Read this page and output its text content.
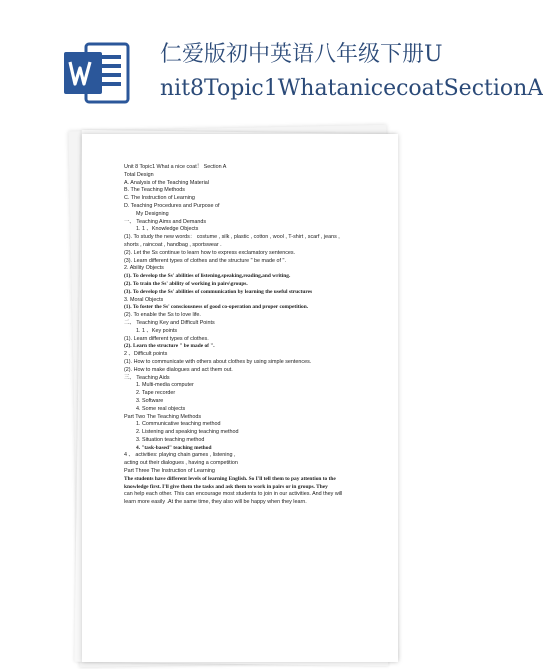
仁爱版初中英语八年级下册U
nit8Topic1WhatanicecoatSectionA
Unit 8 Topic1 What a nice coat！ Section A
Total Design
A. Analysis of the Teaching Material
B. The Teaching Methods
C. The Instruction of Learning
D. Teaching Procedures and Purpose of
My Designing
一、 Teaching Aims and Demands
1. 1 、Knowledge Objects
(1). To study the new words： costume , silk , plastic , cotton , wool , T-shirt , scarf , jeans ,
shorts , raincoat , handbag , sportswear .
(2). Let the Ss continue to learn how to express exclamatory sentences.
(3). Learn different types of clothes and the structure " be made of ".
2. Ability Objects
(1). To develop the Ss' abilities of listening,speaking,reading,and writing.
(2). To train the Ss' ability of working in pairs\groups.
(3). To develop the Ss' abilities of communication by learning the useful structures
3. Moral Objects
(1). To foster the Ss' consciousness of good co-operation and proper competition.
(2). To enable the Ss to love life.
二、 Teaching Key and Difficult Points
1. 1 、Key points
(1). Learn different types of clothes.
(2). Learn the structure " be made of ".
2 、Difficult points
(1). How to communicate with others about clothes by using simple sentences.
(2). How to make dialogues and act them out.
三、 Teaching Aids
1. Multi-media computer
2. Tape recorder
3. Software
4. Some real objects
Part Two The Teaching Methods
1. Communicative teaching method
2. Listening and speaking teaching method
3. Situation teaching method
4. "task-based" teaching method
4 、 activities: playing chain games , listening ,
acting out their dialogues , having a competition
Part Three The Instruction of Learning
The students have different levels of learning English. So I'll tell them to pay attention to the
knowledge first. I'll give them the tasks and ask them to work in pairs or in groups. They
can help each other. This can encourage most students to join in our activities. And they will
learn more easily .At the same time, they also will be happy when they learn.
